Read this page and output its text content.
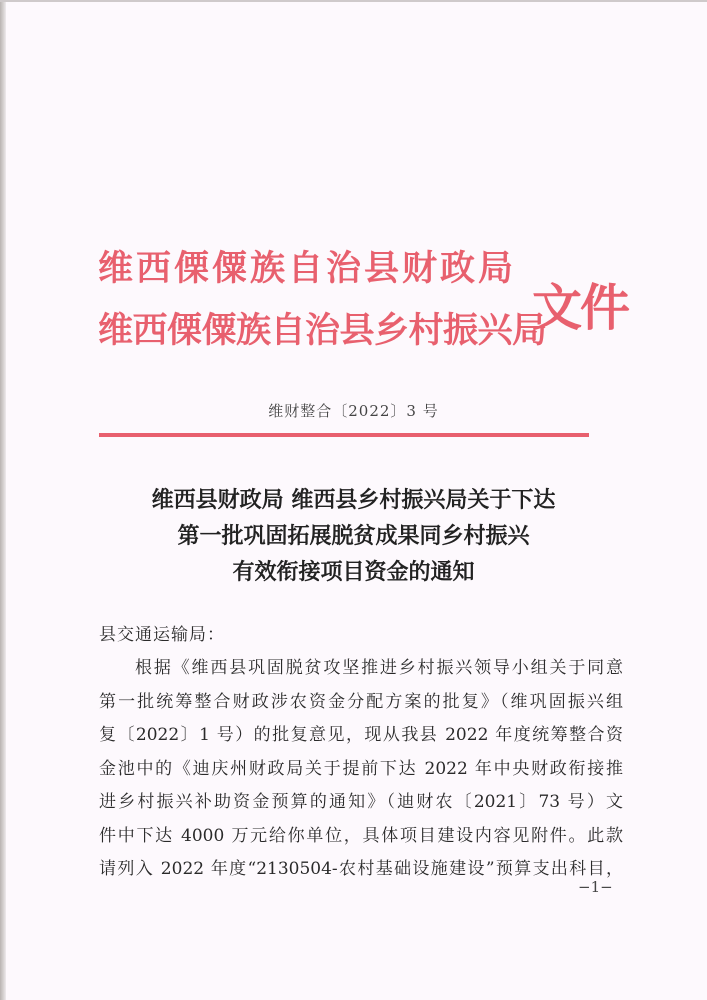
维西傈僳族自治县财政局
维西傈僳族自治县乡村振兴局
文件
维财整合〔2022〕3 号
维西县财政局 维西县乡村振兴局关于下达
第一批巩固拓展脱贫成果同乡村振兴
有效衔接项目资金的通知
县交通运输局：
根据《维西县巩固脱贫攻坚推进乡村振兴领导小组关于同意
第一批统筹整合财政涉农资金分配方案的批复》（维巩固振兴组
复〔2022〕1 号）的批复意见，现从我县 2022 年度统筹整合资
金池中的《迪庆州财政局关于提前下达 2022 年中央财政衔接推
进乡村振兴补助资金预算的通知》（迪财农〔2021〕73 号）文
件中下达 4000 万元给你单位，具体项目建设内容见附件。此款
请列入 2022 年度“2130504-农村基础设施建设”预算支出科目，
−1−
